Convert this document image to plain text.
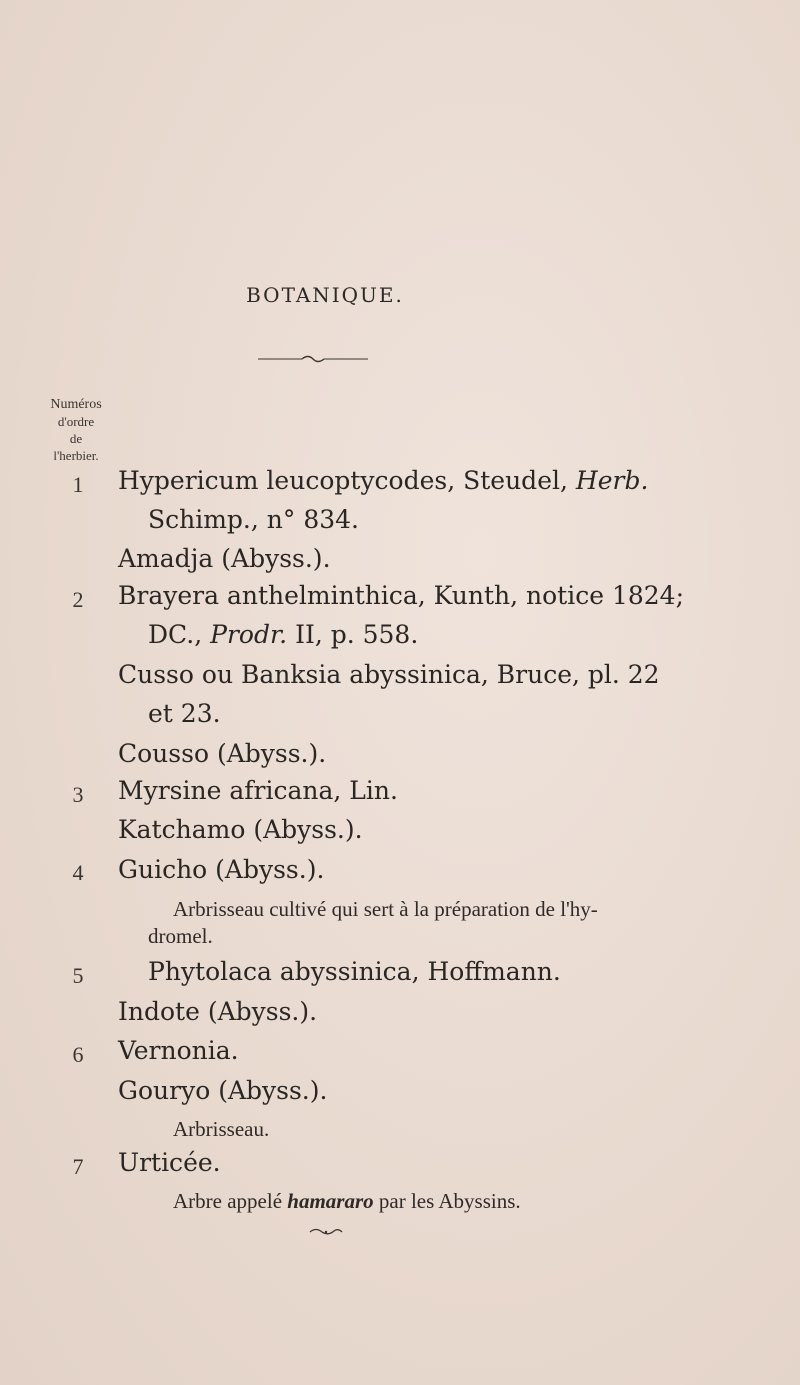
BOTANIQUE.
Numéros
d'ordre
de
l'herbier.
1	Hypericum leucoptycodes, Steudel, Herb.
Schimp., n° 834.
Amadja (Abyss.).
2	Brayera anthelminthica, Kunth, notice 1824;
DC., Prodr. II, p. 558.
Cusso ou Banksia abyssinica, Bruce, pl. 22
et 23.
Cousso (Abyss.).
3	Myrsine africana, Lin.
Katchamo (Abyss.).
4	Guicho (Abyss.).
Arbrisseau cultivé qui sert à la préparation de l'hy-
dromel.
5	Phytolaca abyssinica, Hoffmann.
Indote (Abyss.).
6	Vernonia.
Gouryo (Abyss.).
Arbrisseau.
7	Urticée.
Arbre appelé hamararo par les Abyssins.
